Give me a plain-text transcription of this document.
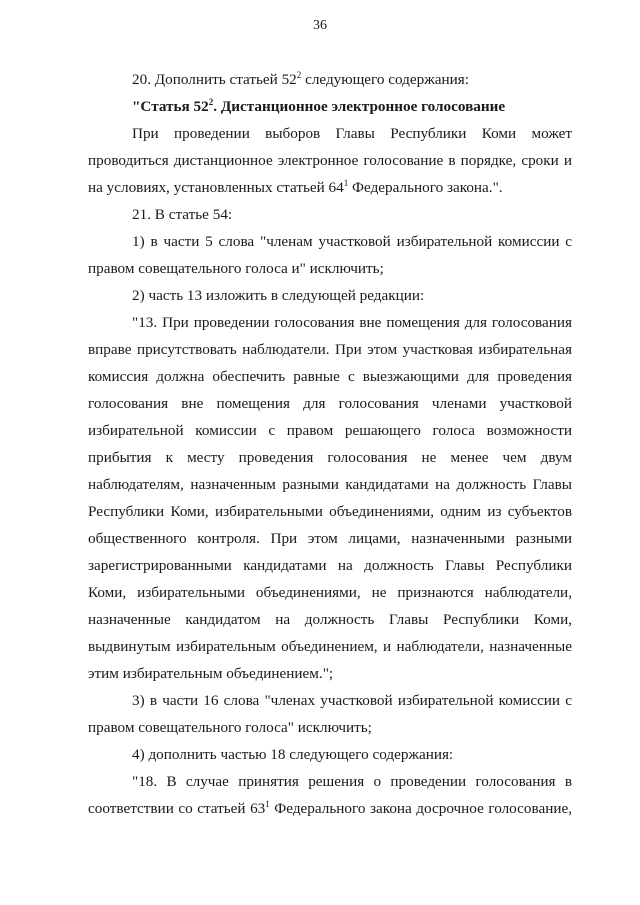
36

20. Дополнить статьей $52^2$ следующего содержания:

"Статья $52^2$. Дистанционное электронное голосование

При проведении выборов Главы Республики Коми может

проводиться дистанционное электронное голосование в порядке, сроки и

на условиях, установленных статьей $64^1$ Федерального закона.".

21. В статье 54:

1) в части 5 слова "членам участковой избирательной комиссии с

правом совещательного голоса и" исключить;

2) часть 13 изложить в следующей редакции:

"13. При проведении голосования вне помещения для голосования

вправе присутствовать наблюдатели. При этом участковая избирательная

комиссия должна обеспечить равные с выезжающими для проведения

голосования вне помещения для голосования членами участковой

избирательной комиссии с правом решающего голоса возможности

прибытия к месту проведения голосования не менее чем двум

наблюдателям, назначенным разными кандидатами на должность Главы

Республики Коми, избирательными объединениями, одним из субъектов

общественного контроля. При этом лицами, назначенными разными

зарегистрированными кандидатами на должность Главы Республики

Коми, избирательными объединениями, не признаются наблюдатели,

назначенные кандидатом на должность Главы Республики Коми,

выдвинутым избирательным объединением, и наблюдатели, назначенные

этим избирательным объединением.";

3) в части 16 слова "членах участковой избирательной комиссии с

правом совещательного голоса" исключить;

4) дополнить частью 18 следующего содержания:

"18. В случае принятия решения о проведении голосования в

соответствии со статьей $63^1$ Федерального закона досрочное голосование,
